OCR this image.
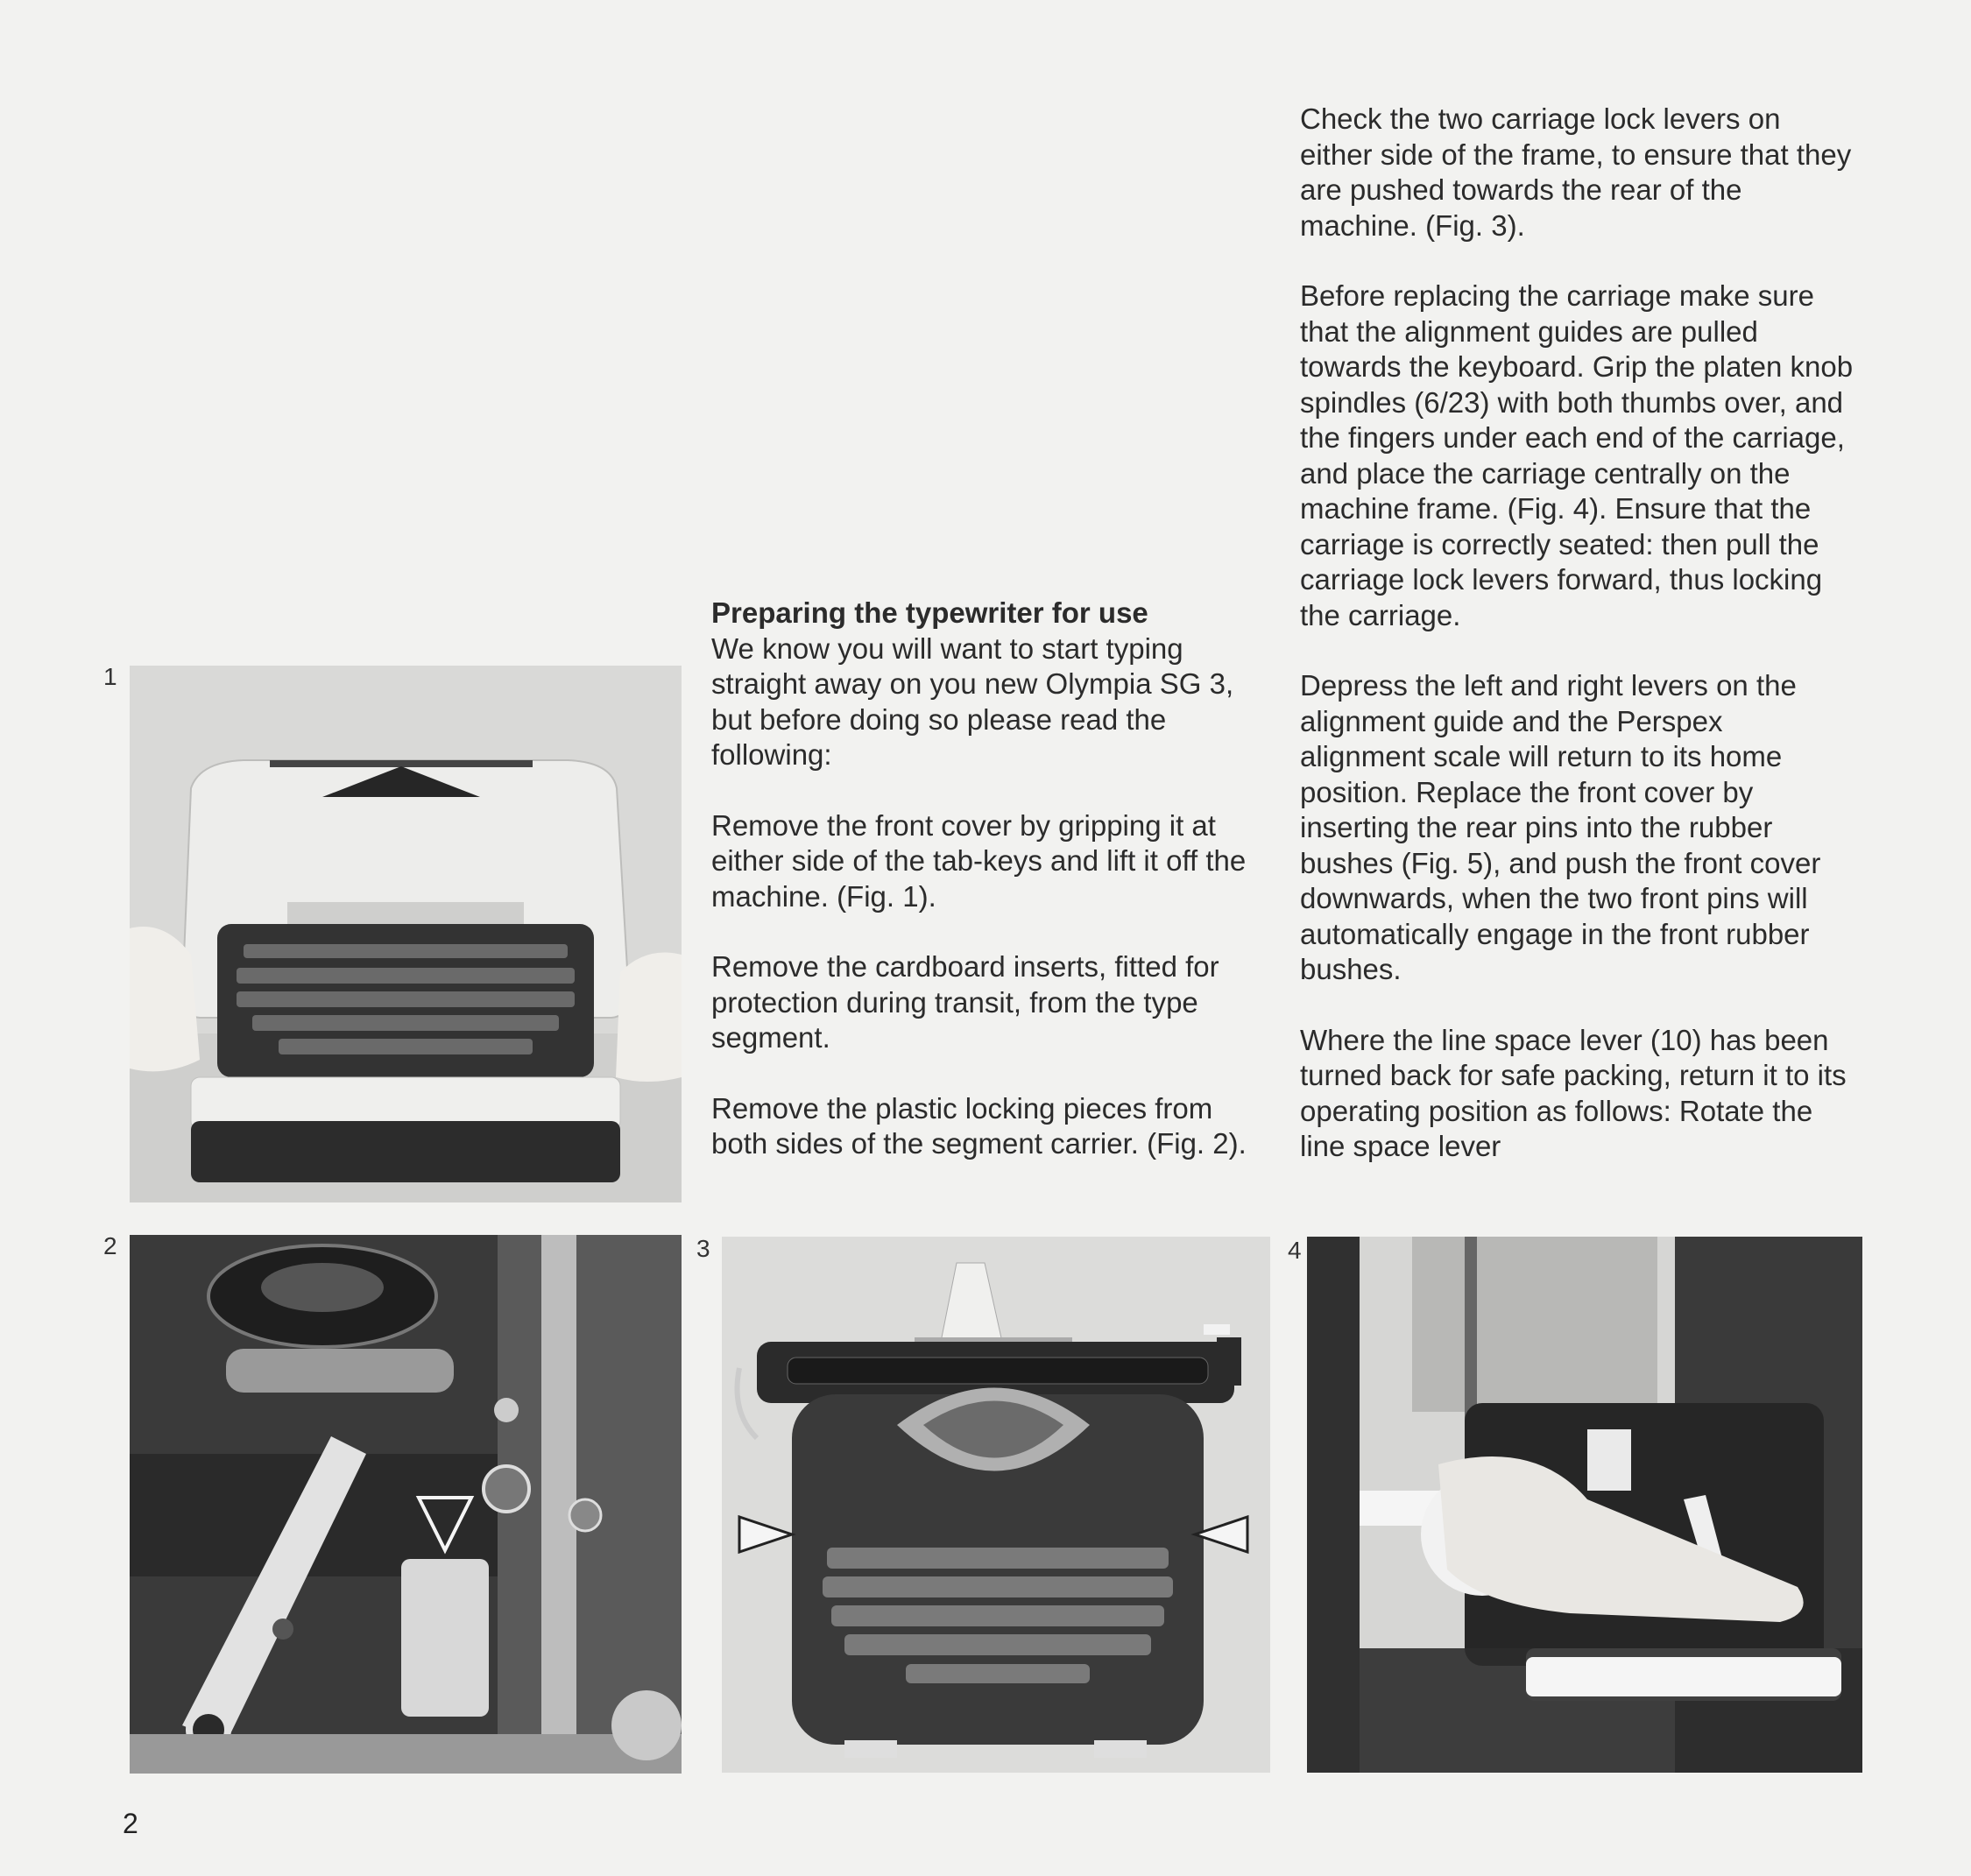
1
2	3	4
Preparing the typewriter for use

We know you will want to start typing straight away on you new Olympia SG 3, but before doing so please read the following:

Remove the front cover by gripping it at either side of the tab-keys and lift it off the machine. (Fig. 1).

Remove the cardboard inserts, fitted for protection during transit, from the type segment.

Remove the plastic locking pieces from both sides of the segment carrier. (Fig. 2).

Check the two carriage lock levers on either side of the frame, to ensure that they are pushed towards the rear of the machine. (Fig. 3).

Before replacing the carriage make sure that the alignment guides are pulled towards the keyboard. Grip the platen knob spindles (6/23) with both thumbs over, and the fingers under each end of the carriage, and place the carriage centrally on the machine frame. (Fig. 4). Ensure that the carriage is correctly seated: then pull the carriage lock levers forward, thus locking the carriage.

Depress the left and right levers on the alignment guide and the Perspex alignment scale will return to its home position. Replace the front cover by inserting the rear pins into the rubber bushes (Fig. 5), and push the front cover downwards, when the two front pins will automatically engage in the front rubber bushes.

Where the line space lever (10) has been turned back for safe packing, return it to its operating position as follows: Rotate the line space lever

2
